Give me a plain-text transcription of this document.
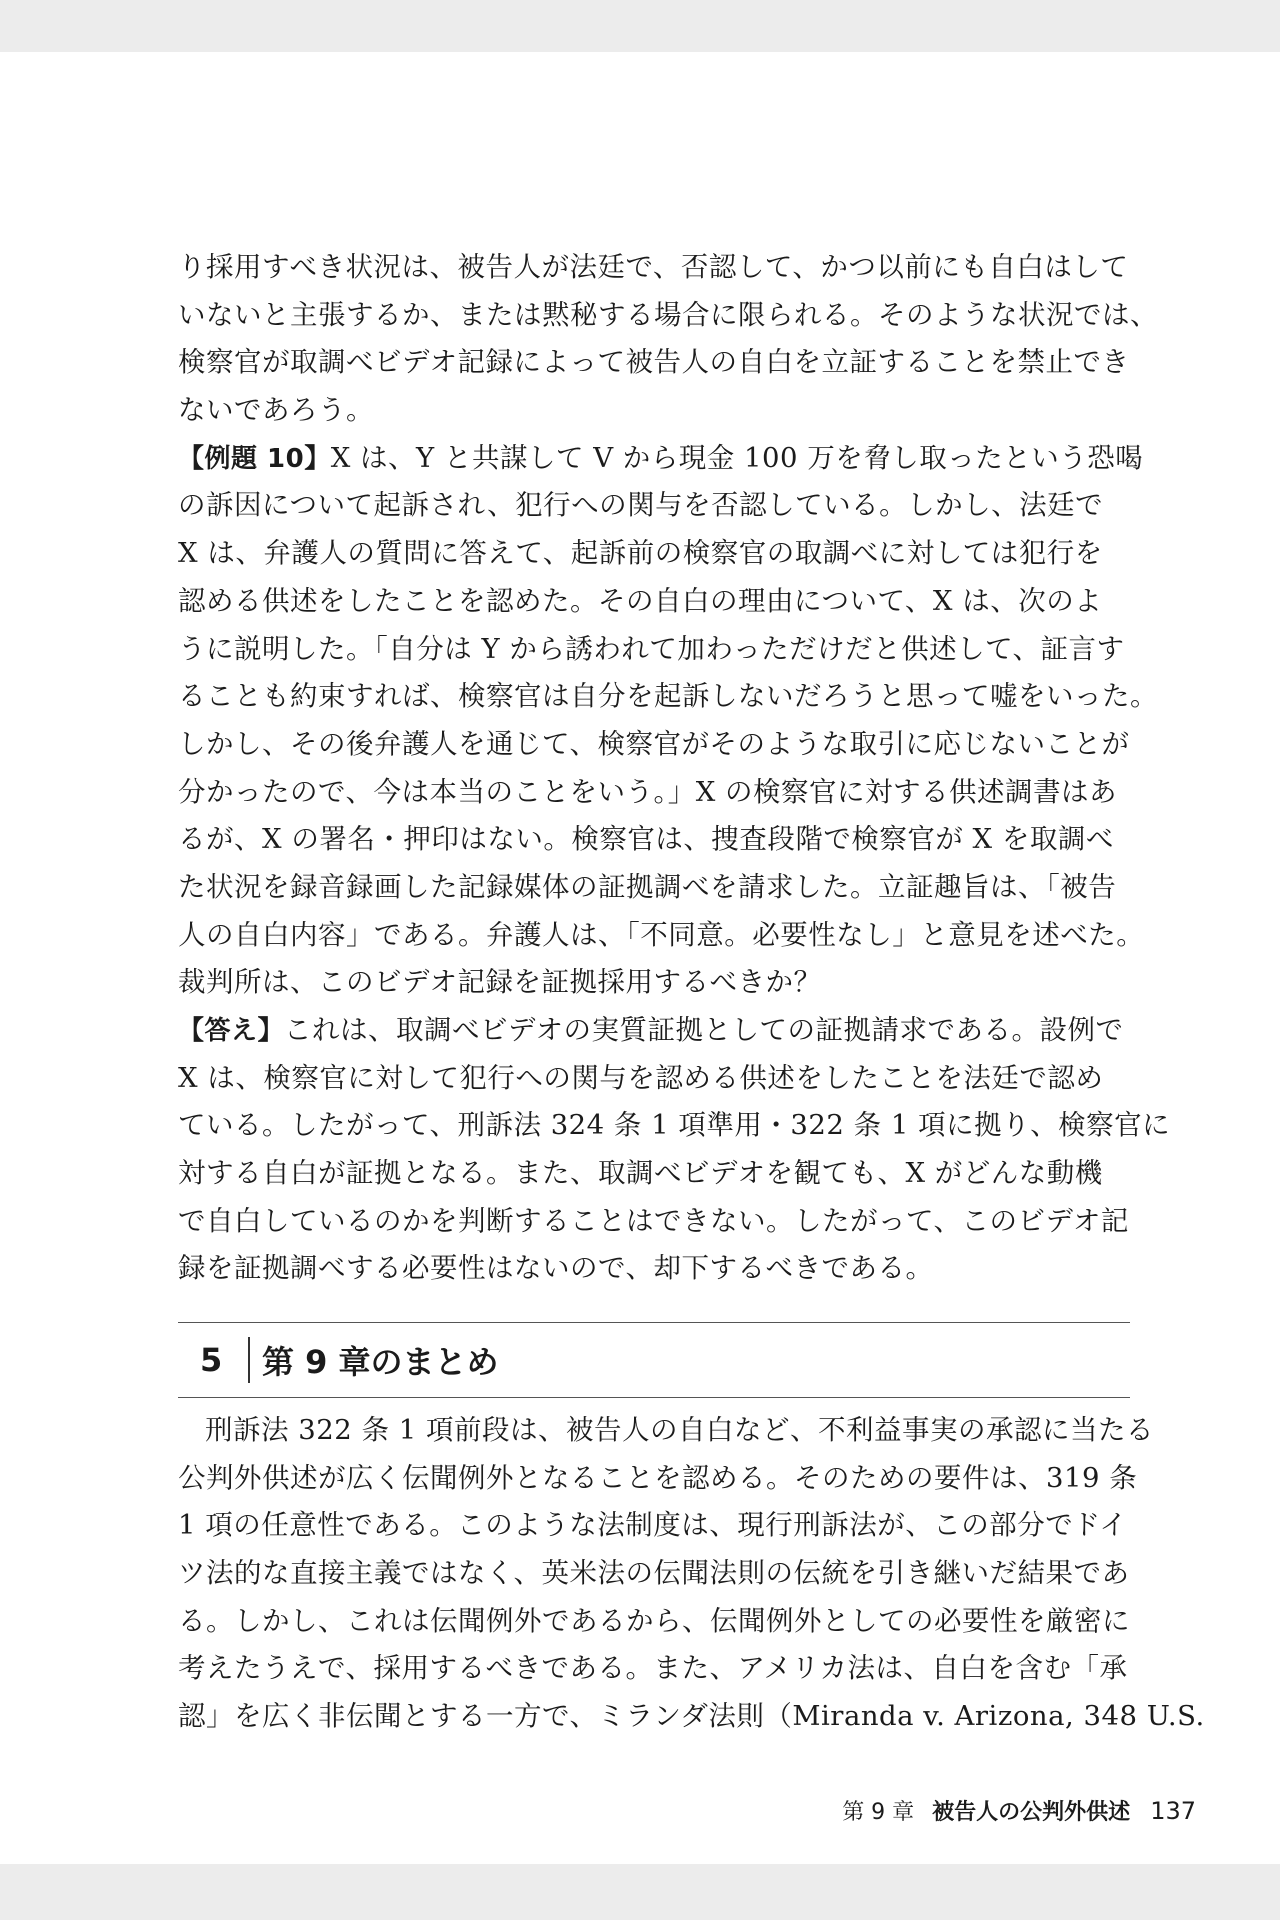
り採用すべき状況は、被告人が法廷で、否認して、かつ以前にも自白はして
いないと主張するか、または黙秘する場合に限られる。そのような状況では、
検察官が取調べビデオ記録によって被告人の自白を立証することを禁止でき
ないであろう。
【例題 10】X は、Y と共謀して V から現金 100 万を脅し取ったという恐喝
の訴因について起訴され、犯行への関与を否認している。しかし、法廷で
X は、弁護人の質問に答えて、起訴前の検察官の取調べに対しては犯行を
認める供述をしたことを認めた。その自白の理由について、X は、次のよ
うに説明した。「自分は Y から誘われて加わっただけだと供述して、証言す
ることも約束すれば、検察官は自分を起訴しないだろうと思って嘘をいった。
しかし、その後弁護人を通じて、検察官がそのような取引に応じないことが
分かったので、今は本当のことをいう。」X の検察官に対する供述調書はあ
るが、X の署名・押印はない。検察官は、捜査段階で検察官が X を取調べ
た状況を録音録画した記録媒体の証拠調べを請求した。立証趣旨は、「被告
人の自白内容」である。弁護人は、「不同意。必要性なし」と意見を述べた。
裁判所は、このビデオ記録を証拠採用するべきか？
【答え】これは、取調べビデオの実質証拠としての証拠請求である。設例で
X は、検察官に対して犯行への関与を認める供述をしたことを法廷で認め
ている。したがって、刑訴法 324 条 1 項準用・322 条 1 項に拠り、検察官に
対する自白が証拠となる。また、取調べビデオを観ても、X がどんな動機
で自白しているのかを判断することはできない。したがって、このビデオ記
録を証拠調べする必要性はないので、却下するべきである。
5 第 9 章のまとめ
刑訴法 322 条 1 項前段は、被告人の自白など、不利益事実の承認に当たる
公判外供述が広く伝聞例外となることを認める。そのための要件は、319 条
1 項の任意性である。このような法制度は、現行刑訴法が、この部分でドイ
ツ法的な直接主義ではなく、英米法の伝聞法則の伝統を引き継いだ結果であ
る。しかし、これは伝聞例外であるから、伝聞例外としての必要性を厳密に
考えたうえで、採用するべきである。また、アメリカ法は、自白を含む「承
認」を広く非伝聞とする一方で、ミランダ法則（Miranda v. Arizona, 348 U.S.
第 9 章 被告人の公判外供述 137
